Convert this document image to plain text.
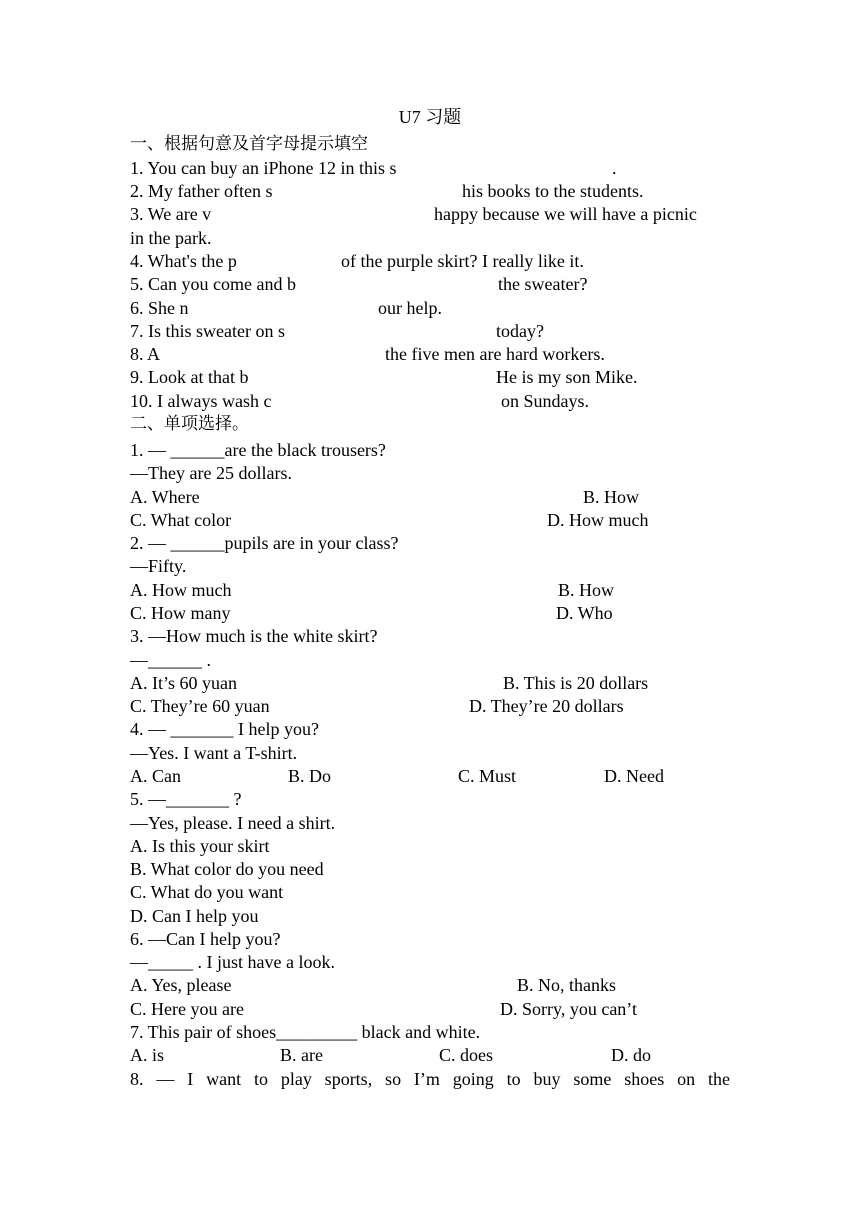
U7 习题
一、根据句意及首字母提示填空
1. You can buy an iPhone 12 in this s	.
2. My father often s	his books to the students.
3. We are v	happy because we will have a picnic
in the park.
4. What's the p	of the purple skirt? I really like it.
5. Can you come and b	the sweater?
6. She n	our help.
7. Is this sweater on s	today?
8. A	the five men are hard workers.
9. Look at that b	He is my son Mike.
10. I always wash c	on Sundays.
二、单项选择。
1. — ______are the black trousers?
—They are 25 dollars.
A. Where	B. How
C. What color	D. How much
2. — ______pupils are in your class?
—Fifty.
A. How much	B. How
C. How many	D. Who
3. —How much is the white skirt?
—______ .
A. It’s 60 yuan	B. This is 20 dollars
C. They’re 60 yuan	D. They’re 20 dollars
4. — _______ I help you?
—Yes. I want a T-shirt.
A. Can	B. Do	C. Must	D. Need
5. —_______ ?
—Yes, please. I need a shirt.
A. Is this your skirt
B. What color do you need
C. What do you want
D. Can I help you
6. —Can I help you?
—_____ . I just have a look.
A. Yes, please	B. No, thanks
C. Here you are	D. Sorry, you can’t
7. This pair of shoes_________ black and white.
A. is	B. are	C. does	D. do
8. — I want to play sports, so I’m going to buy some shoes on the
